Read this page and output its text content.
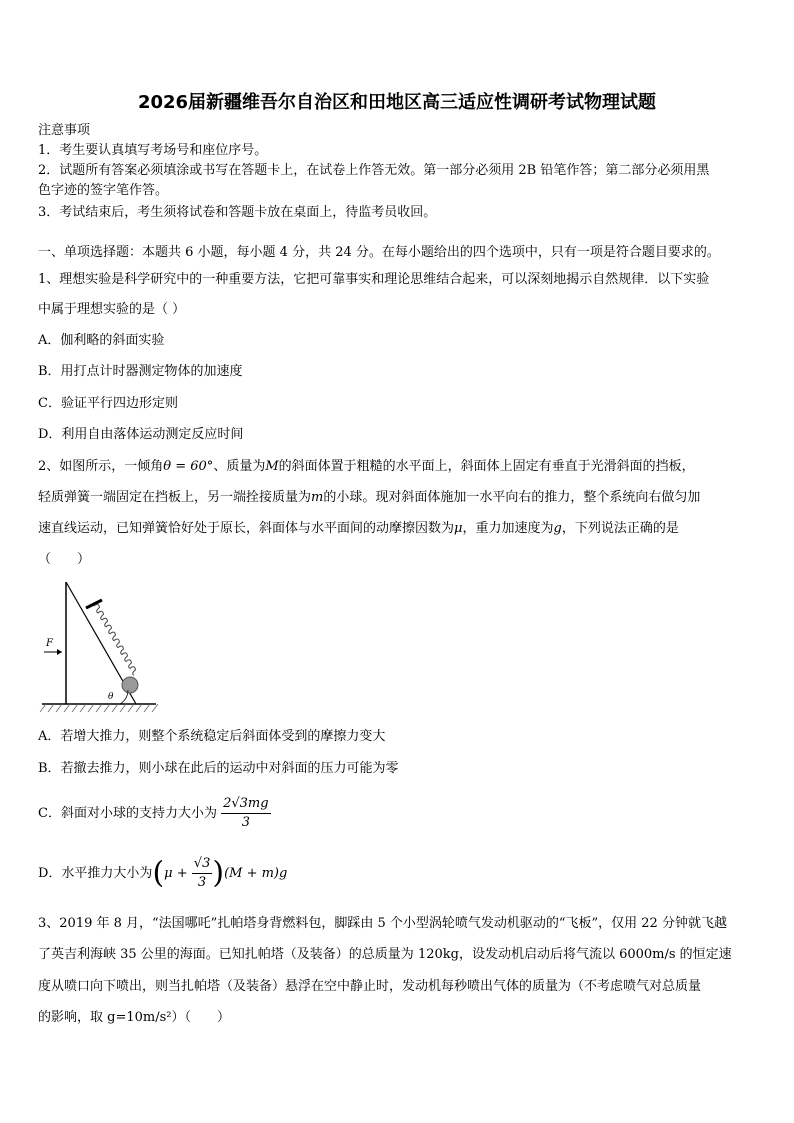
2026届新疆维吾尔自治区和田地区高三适应性调研考试物理试题
注意事项
1．考生要认真填写考场号和座位序号。
2．试题所有答案必须填涂或书写在答题卡上，在试卷上作答无效。第一部分必须用 2B 铅笔作答；第二部分必须用黑
色字迹的签字笔作答。
3．考试结束后，考生须将试卷和答题卡放在桌面上，待监考员收回。
一、单项选择题：本题共 6 小题，每小题 4 分，共 24 分。在每小题给出的四个选项中，只有一项是符合题目要求的。
1、理想实验是科学研究中的一种重要方法，它把可靠事实和理论思维结合起来，可以深刻地揭示自然规律．以下实验
中属于理想实验的是（ ）
A．伽利略的斜面实验
B．用打点计时器测定物体的加速度
C．验证平行四边形定则
D．利用自由落体运动测定反应时间
2、如图所示，一倾角θ = 60°、质量为M的斜面体置于粗糙的水平面上，斜面体上固定有垂直于光滑斜面的挡板，
轻质弹簧一端固定在挡板上，另一端拴接质量为m的小球。现对斜面体施加一水平向右的推力，整个系统向右做匀加
速直线运动，已知弹簧恰好处于原长，斜面体与水平面间的动摩擦因数为μ，重力加速度为g，下列说法正确的是
（　　）
F
θ
A．若增大推力，则整个系统稳定后斜面体受到的摩擦力变大
B．若撤去推力，则小球在此后的运动中对斜面的压力可能为零
C．斜面对小球的支持力大小为 $\frac{2√3mg}{3}$
D．水平推力大小为$(\mu + \frac{√3}{3} )(M + m)g$
3、2019 年 8 月，“法国哪吒”扎帕塔身背燃料包，脚踩由 5 个小型涡轮喷气发动机驱动的“飞板”，仅用 22 分钟就飞越
了英吉利海峡 35 公里的海面。已知扎帕塔（及装备）的总质量为 120kg，设发动机启动后将气流以 6000m/s 的恒定速
度从喷口向下喷出，则当扎帕塔（及装备）悬浮在空中静止时，发动机每秒喷出气体的质量为（不考虑喷气对总质量
的影响，取 g=10m/s²）（　　）
